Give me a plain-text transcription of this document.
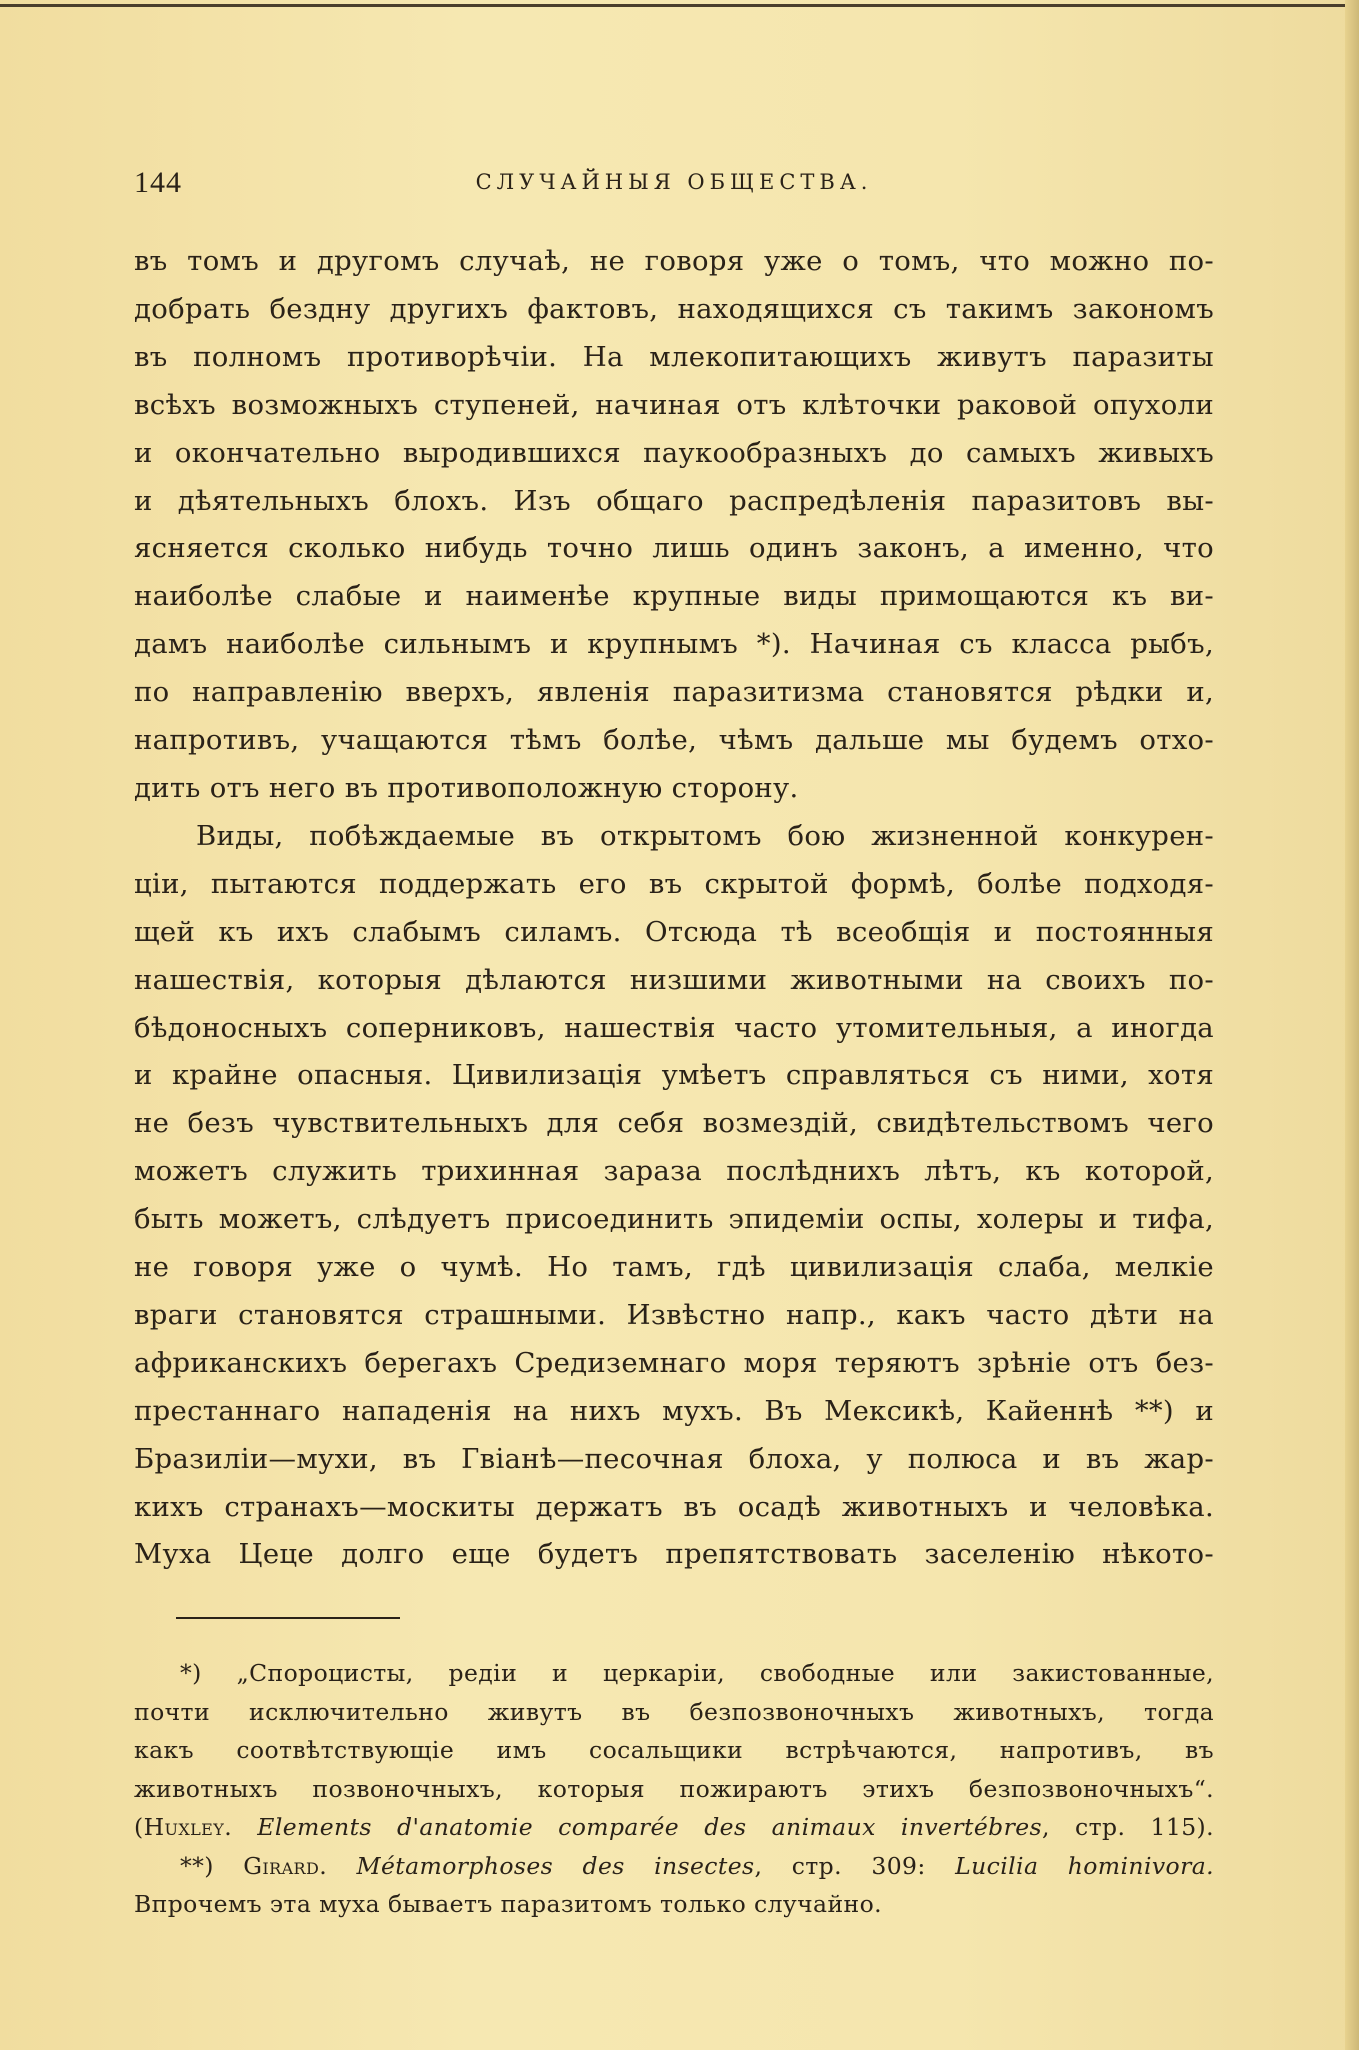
144	СЛУЧАЙНЫЯ ОБЩЕСТВА.
въ томъ и другомъ случаѣ, не говоря уже о томъ, что можно по-
добрать бездну другихъ фактовъ, находящихся съ такимъ закономъ
въ полномъ противорѣчіи. На млекопитающихъ живутъ паразиты
всѣхъ возможныхъ ступеней, начиная отъ клѣточки раковой опухоли
и окончательно выродившихся паукообразныхъ до самыхъ живыхъ
и дѣятельныхъ блохъ. Изъ общаго распредѣленія паразитовъ вы-
ясняется сколько нибудь точно лишь одинъ законъ, а именно, что
наиболѣе слабые и наименѣе крупные виды примощаются къ ви-
дамъ наиболѣе сильнымъ и крупнымъ *). Начиная съ класса рыбъ,
по направленію вверхъ, явленія паразитизма становятся рѣдки и,
напротивъ, учащаются тѣмъ болѣе, чѣмъ дальше мы будемъ отхо-
дить отъ него въ противоположную сторону.
Виды, побѣждаемые въ открытомъ бою жизненной конкурен-
ціи, пытаются поддержать его въ скрытой формѣ, болѣе подходя-
щей къ ихъ слабымъ силамъ. Отсюда тѣ всеобщія и постоянныя
нашествія, которыя дѣлаются низшими животными на своихъ по-
бѣдоносныхъ соперниковъ, нашествія часто утомительныя, а иногда
и крайне опасныя. Цивилизація умѣетъ справляться съ ними, хотя
не безъ чувствительныхъ для себя возмездій, свидѣтельствомъ чего
можетъ служить трихинная зараза послѣднихъ лѣтъ, къ которой,
быть можетъ, слѣдуетъ присоединить эпидеміи оспы, холеры и тифа,
не говоря уже о чумѣ. Но тамъ, гдѣ цивилизація слаба, мелкіе
враги становятся страшными. Извѣстно напр., какъ часто дѣти на
африканскихъ берегахъ Средиземнаго моря теряютъ зрѣніе отъ без-
престаннаго нападенія на нихъ мухъ. Въ Мексикѣ, Кайеннѣ **) и
Бразиліи—мухи, въ Гвіанѣ—песочная блоха, у полюса и въ жар-
кихъ странахъ—москиты держатъ въ осадѣ животныхъ и человѣка.
Муха Цеце долго еще будетъ препятствовать заселенію нѣкото-
*) „Спороцисты, редіи и церкаріи, свободные или закистованные,
почти исключительно живутъ въ безпозвоночныхъ животныхъ, тогда
какъ соотвѣтствующіе имъ сосальщики встрѣчаются, напротивъ, въ
животныхъ позвоночныхъ, которыя пожираютъ этихъ безпозвоночныхъ“.
(Huxley. Elements d'anatomie comparée des animaux invertébres, стр. 115).
**) Girard. Métamorphoses des insectes, стр. 309: Lucilia hominivora.
Впрочемъ эта муха бываетъ паразитомъ только случайно.
